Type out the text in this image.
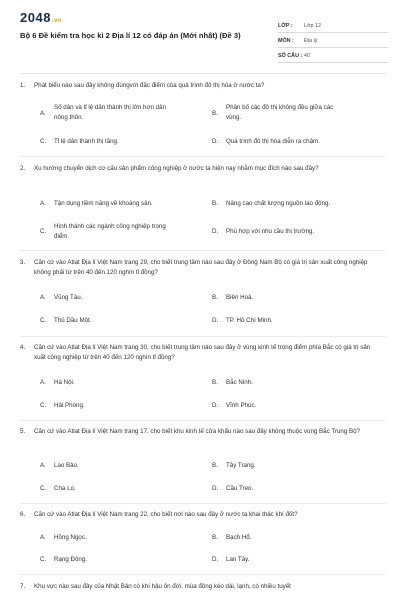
2048.vn
Bộ 6 Đề kiểm tra học kì 2 Địa lí 12 có đáp án (Mới nhất) (Đề 3)
LỚP : Lớp 12
MÔN : Địa lý
SỐ CÂU : 40
1. Phát biểu nào sau đây không đúngvới đặc điểm của quá trình đô thị hóa ở nước ta?
A.
Số dân và tỉ lệ dân thành thị lớn hơn dân nông thôn.
B.
Phân bố các đô thị không đều giữa các vùng.
C. Tỉ lệ dân thành thị tăng.	D. Quá trình đô thị hóa diễn ra chậm.
2. Xu hướng chuyển dịch cơ cấu sản phẩm công nghiệp ở nước ta hiện nay nhằm mục đích nào sau đây?
A. Tận dụng tiềm năng về khoáng sản.	B. Nâng cao chất lượng nguồn lao động.
C.
Hình thành các ngành công nghiệp trọng điểm.
D. Phù hợp với nhu cầu thị trường.
3. Căn cứ vào Atlat Địa lí Việt Nam trang 29, cho biết trung tâm nào sau đây ở Đông Nam Bộ có giá trị sản xuất công nghiệp không phải từ trên 40 đến 120 nghìn tỉ đồng?
A. Vũng Tàu.	B. Biên Hoà.
C. Thủ Dầu Một.	D. TP. Hồ Chí Minh.
4. Căn cứ vào Atlat Địa lí Việt Nam trang 30, cho biết trung tâm nào sau đây ở vùng kinh tế trọng điểm phía Bắc có giá trị sản xuất công nghiệp từ trên 40 đến 120 nghìn tỉ đồng?
A. Hà Nội.	B. Bắc Ninh.
C. Hải Phòng.	D. Vĩnh Phúc.
5. Căn cứ vào Atlat Địa lí Việt Nam trang 17, cho biết khu kinh tế cửa khẩu nào sau đây không thuộc vùng Bắc Trung Bộ?
A. Lao Bảo.	B. Tây Trang.
C. Cha Lo.	D. Cầu Treo.
6. Căn cứ vào Atlat Địa lí Việt Nam trang 22, cho biết nơi nào sau đây ở nước ta khai thác khí đốt?
A. Hồng Ngọc.	B. Bạch Hổ.
C. Rạng Đông.	D. Lan Tây.
7. Khu vực nào sau đây của Nhật Bản có khí hậu ôn đới, mùa đông kéo dài, lạnh, có nhiều tuyết
